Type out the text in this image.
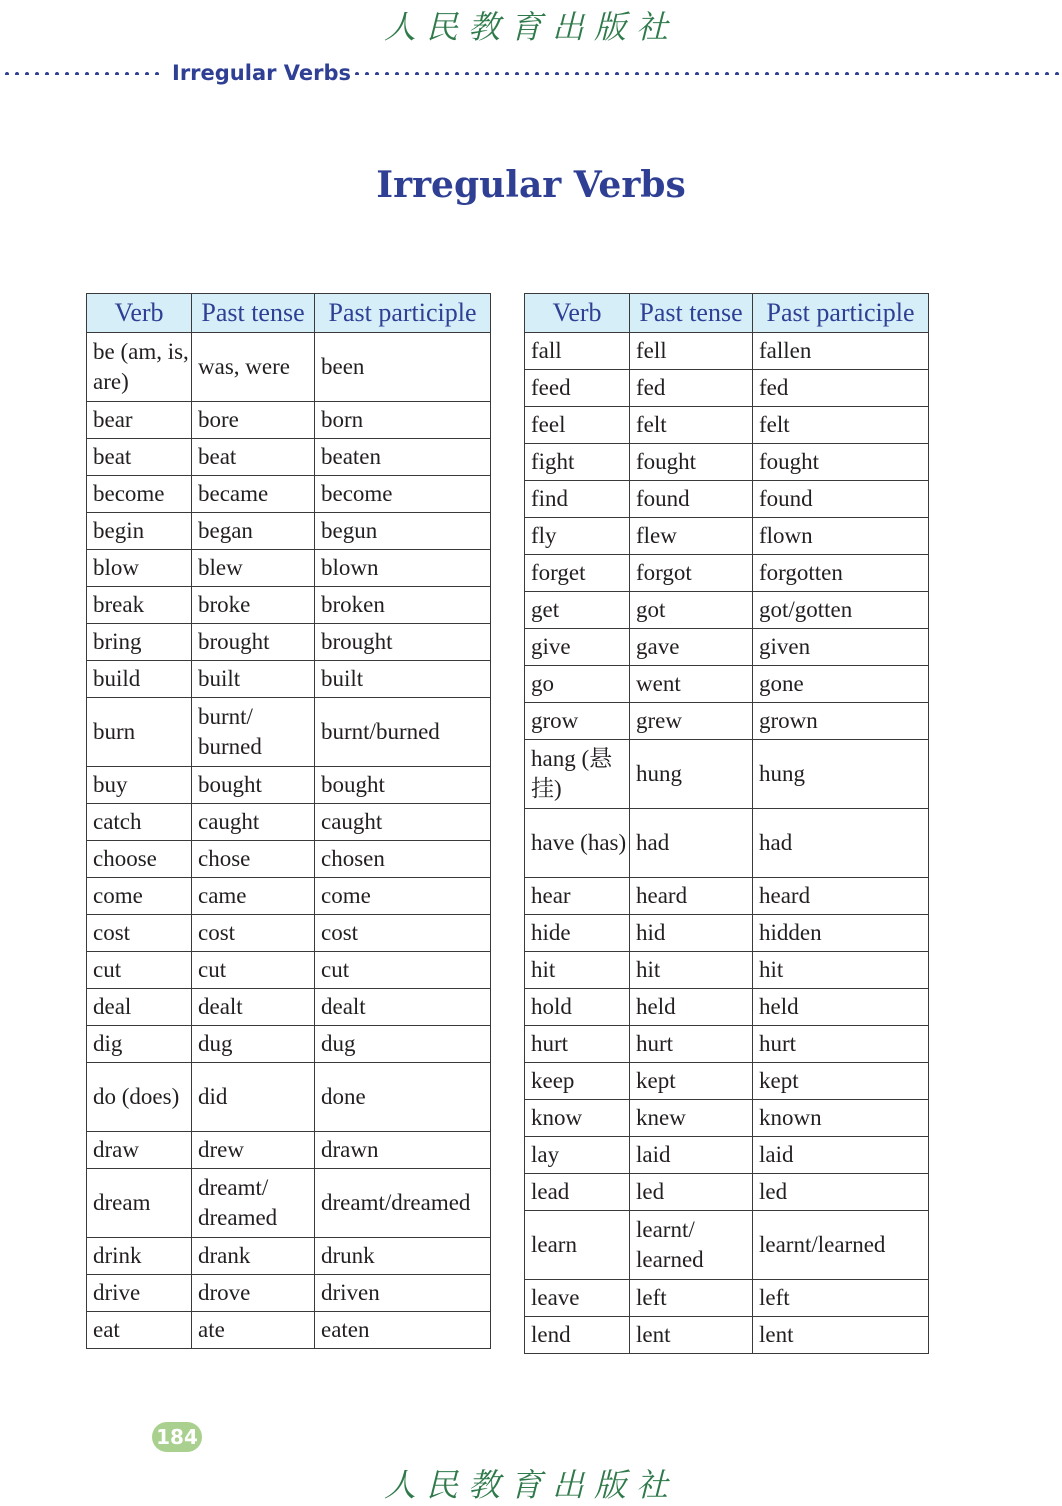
人民教育出版社
Irregular Verbs
Irregular Verbs
Verb	Past tense	Past participle
be (am, is, are)	was, were	been
bear	bore	born
beat	beat	beaten
become	became	become
begin	began	begun
blow	blew	blown
break	broke	broken
bring	brought	brought
build	built	built
burn	burnt/ burned	burnt/burned
buy	bought	bought
catch	caught	caught
choose	chose	chosen
come	came	come
cost	cost	cost
cut	cut	cut
deal	dealt	dealt
dig	dug	dug
do (does)	did	done
draw	drew	drawn
dream	dreamt/ dreamed	dreamt/dreamed
drink	drank	drunk
drive	drove	driven
eat	ate	eaten
Verb	Past tense	Past participle
fall	fell	fallen
feed	fed	fed
feel	felt	felt
fight	fought	fought
find	found	found
fly	flew	flown
forget	forgot	forgotten
get	got	got/gotten
give	gave	given
go	went	gone
grow	grew	grown
hang (悬挂)	hung	hung
have (has)	had	had
hear	heard	heard
hide	hid	hidden
hit	hit	hit
hold	held	held
hurt	hurt	hurt
keep	kept	kept
know	knew	known
lay	laid	laid
lead	led	led
learn	learnt/ learned	learnt/learned
leave	left	left
lend	lent	lent
184
人民教育出版社
